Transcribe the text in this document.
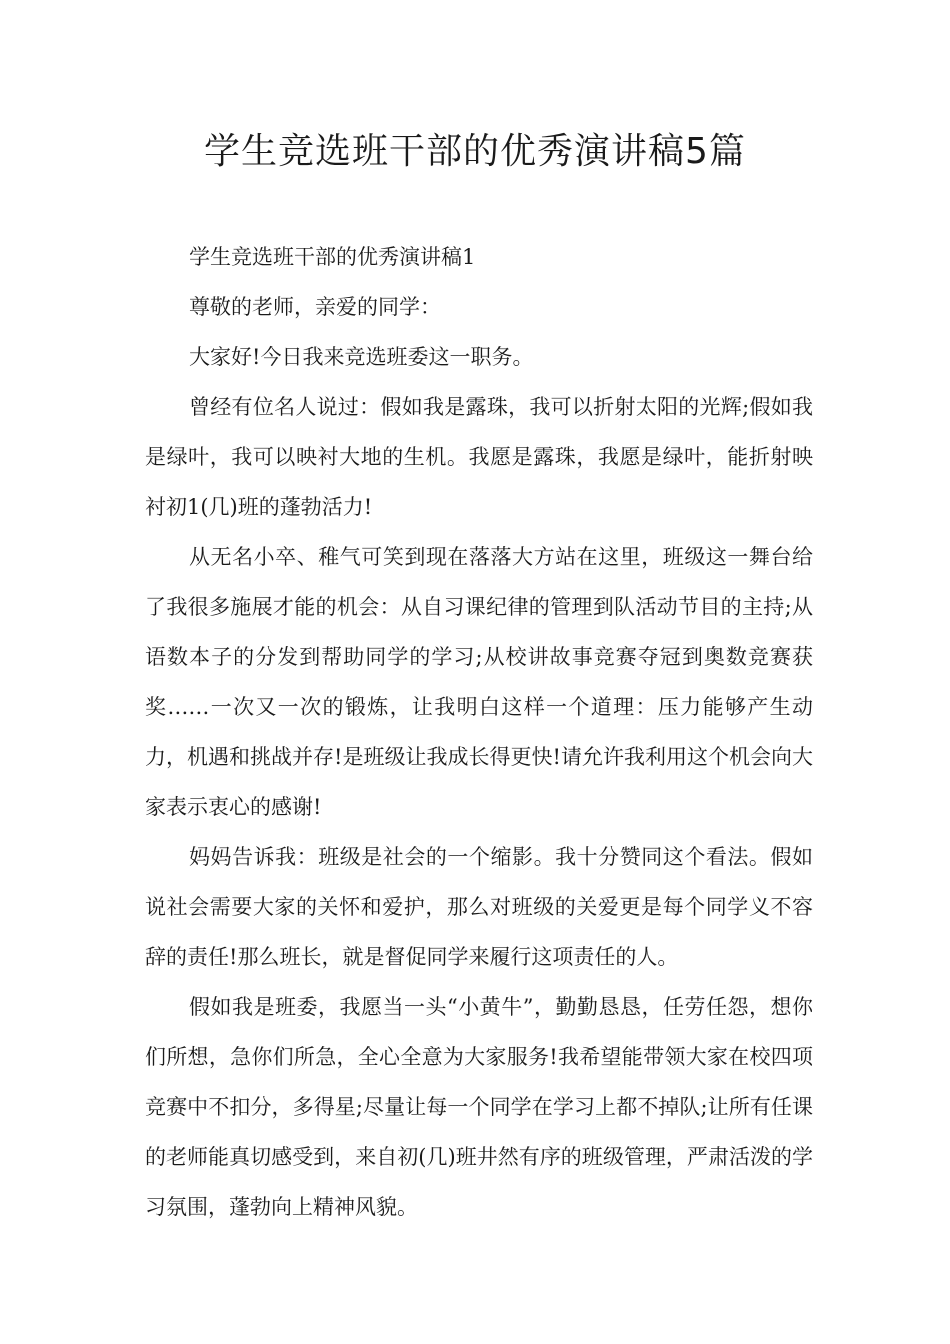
学生竞选班干部的优秀演讲稿5篇

学生竞选班干部的优秀演讲稿1

尊敬的老师，亲爱的同学：

大家好!今日我来竞选班委这一职务。

曾经有位名人说过：假如我是露珠，我可以折射太阳的光辉;假如我是绿叶，我可以映衬大地的生机。我愿是露珠，我愿是绿叶，能折射映衬初1(几)班的蓬勃活力!

从无名小卒、稚气可笑到现在落落大方站在这里，班级这一舞台给了我很多施展才能的机会：从自习课纪律的管理到队活动节目的主持;从语数本子的分发到帮助同学的学习;从校讲故事竞赛夺冠到奥数竞赛获奖……一次又一次的锻炼，让我明白这样一个道理：压力能够产生动力，机遇和挑战并存!是班级让我成长得更快!请允许我利用这个机会向大家表示衷心的感谢!

妈妈告诉我：班级是社会的一个缩影。我十分赞同这个看法。假如说社会需要大家的关怀和爱护，那么对班级的关爱更是每个同学义不容辞的责任!那么班长，就是督促同学来履行这项责任的人。

假如我是班委，我愿当一头“小黄牛”，勤勤恳恳，任劳任怨，想你们所想，急你们所急，全心全意为大家服务!我希望能带领大家在校四项竞赛中不扣分，多得星;尽量让每一个同学在学习上都不掉队;让所有任课的老师能真切感受到，来自初(几)班井然有序的班级管理，严肃活泼的学习氛围，蓬勃向上精神风貌。
